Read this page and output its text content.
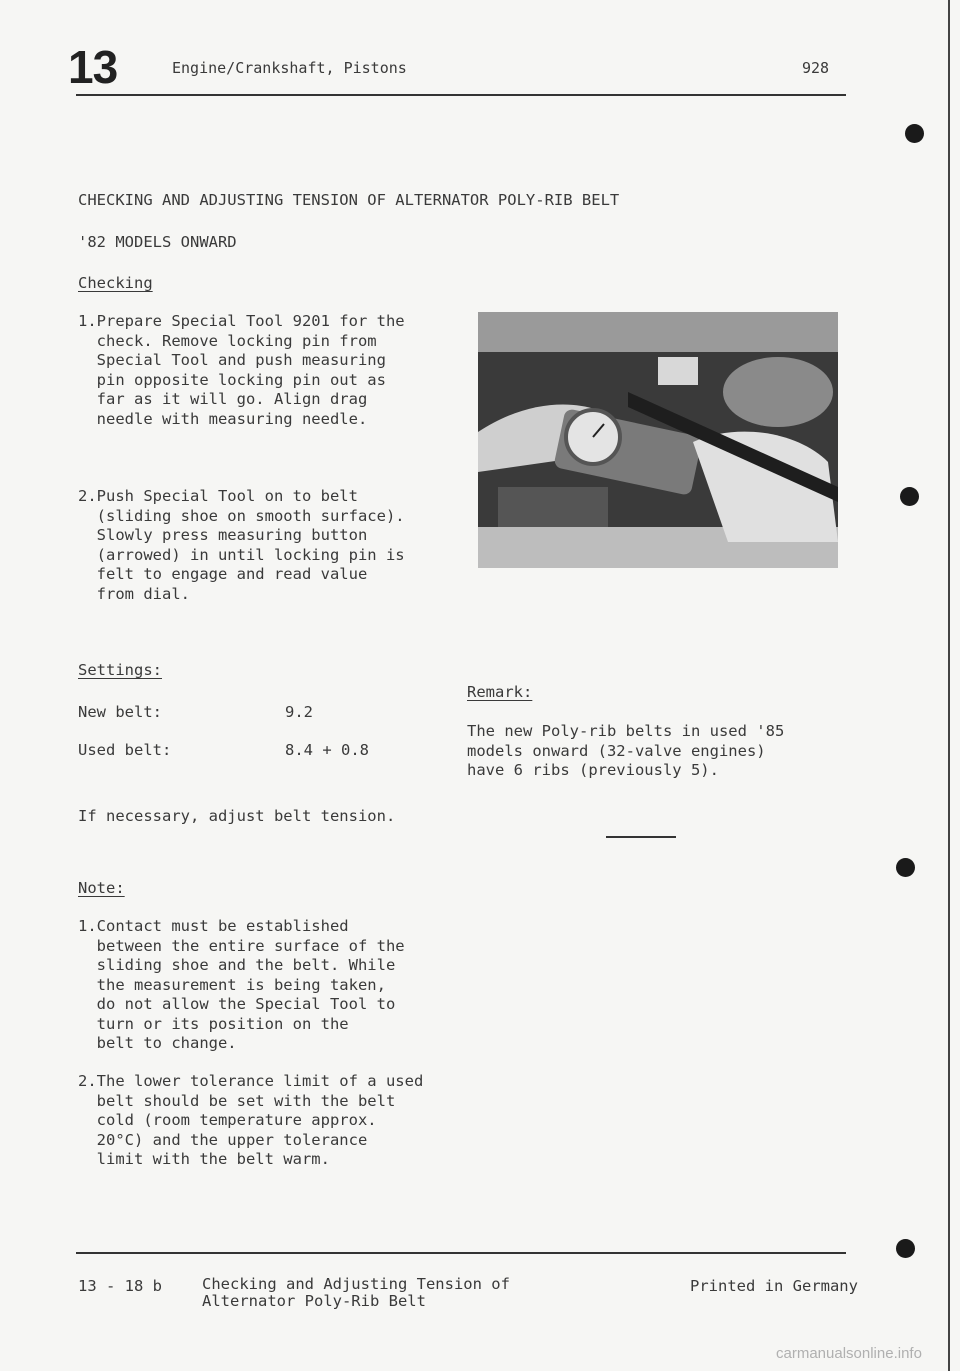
13	Engine/Crankshaft, Pistons	928
CHECKING AND ADJUSTING TENSION OF ALTERNATOR POLY-RIB BELT
'82 MODELS ONWARD
Checking
1.Prepare Special Tool 9201 for the
check. Remove locking pin from
Special Tool and push measuring
pin opposite locking pin out as
far as it will go. Align drag
needle with measuring needle.
2.Push Special Tool on to belt
(sliding shoe on smooth surface).
Slowly press measuring button
(arrowed) in until locking pin is
felt to engage and read value
from dial.
Settings:
New belt:	9.2
Used belt:	8.4 + 0.8
Remark:
The new Poly-rib belts in used '85
models onward (32-valve engines)
have 6 ribs (previously 5).
If necessary, adjust belt tension.
Note:
1.Contact must be established
between the entire surface of the
sliding shoe and the belt. While
the measurement is being taken,
do not allow the Special Tool to
turn or its position on the
belt to change.
2.The lower tolerance limit of a used
belt should be set with the belt
cold (room temperature approx.
20°C) and the upper tolerance
limit with the belt warm.
13 - 18 b	Checking and Adjusting Tension of
Alternator Poly-Rib Belt
Printed in Germany
carmanualsonline.info
